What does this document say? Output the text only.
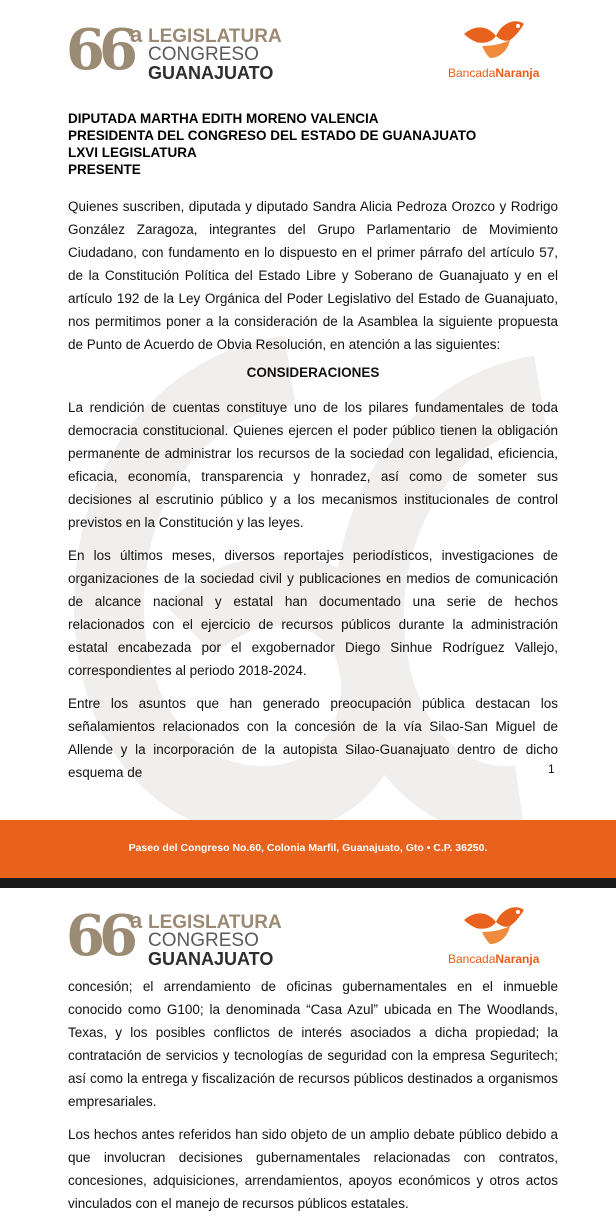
66
a LEGISLATURA
CONGRESO
GUANAJUATO	BancadaNaranja
DIPUTADA MARTHA EDITH MORENO VALENCIA
PRESIDENTA DEL CONGRESO DEL ESTADO DE GUANAJUATO
LXVI LEGISLATURA
PRESENTE

Quienes suscriben, diputada y diputado Sandra Alicia Pedroza Orozco y Rodrigo González Zaragoza, integrantes del Grupo Parlamentario de Movimiento Ciudadano, con fundamento en lo dispuesto en el primer párrafo del artículo 57, de la Constitución Política del Estado Libre y Soberano de Guanajuato y en el artículo 192 de la Ley Orgánica del Poder Legislativo del Estado de Guanajuato, nos permitimos poner a la consideración de la Asamblea la siguiente propuesta de Punto de Acuerdo de Obvia Resolución, en atención a las siguientes:

CONSIDERACIONES

La rendición de cuentas constituye uno de los pilares fundamentales de toda democracia constitucional. Quienes ejercen el poder público tienen la obligación permanente de administrar los recursos de la sociedad con legalidad, eficiencia, eficacia, economía, transparencia y honradez, así como de someter sus decisiones al escrutinio público y a los mecanismos institucionales de control previstos en la Constitución y las leyes.

En los últimos meses, diversos reportajes periodísticos, investigaciones de organizaciones de la sociedad civil y publicaciones en medios de comunicación de alcance nacional y estatal han documentado una serie de hechos relacionados con el ejercicio de recursos públicos durante la administración estatal encabezada por el exgobernador Diego Sinhue Rodríguez Vallejo, correspondientes al periodo 2018-2024.

Entre los asuntos que han generado preocupación pública destacan los señalamientos relacionados con la concesión de la vía Silao-San Miguel de Allende y la incorporación de la autopista Silao-Guanajuato dentro de dicho esquema de	1
Paseo del Congreso No.60, Colonia Marfil, Guanajuato, Gto • C.P. 36250.
66
a LEGISLATURA
CONGRESO
GUANAJUATO	BancadaNaranja

concesión; el arrendamiento de oficinas gubernamentales en el inmueble conocido como G100; la denominada “Casa Azul” ubicada en The Woodlands, Texas, y los posibles conflictos de interés asociados a dicha propiedad; la contratación de servicios y tecnologías de seguridad con la empresa Seguritech; así como la entrega y fiscalización de recursos públicos destinados a organismos empresariales.

Los hechos antes referidos han sido objeto de un amplio debate público debido a que involucran decisiones gubernamentales relacionadas con contratos, concesiones, adquisiciones, arrendamientos, apoyos económicos y otros actos vinculados con el manejo de recursos públicos estatales.
